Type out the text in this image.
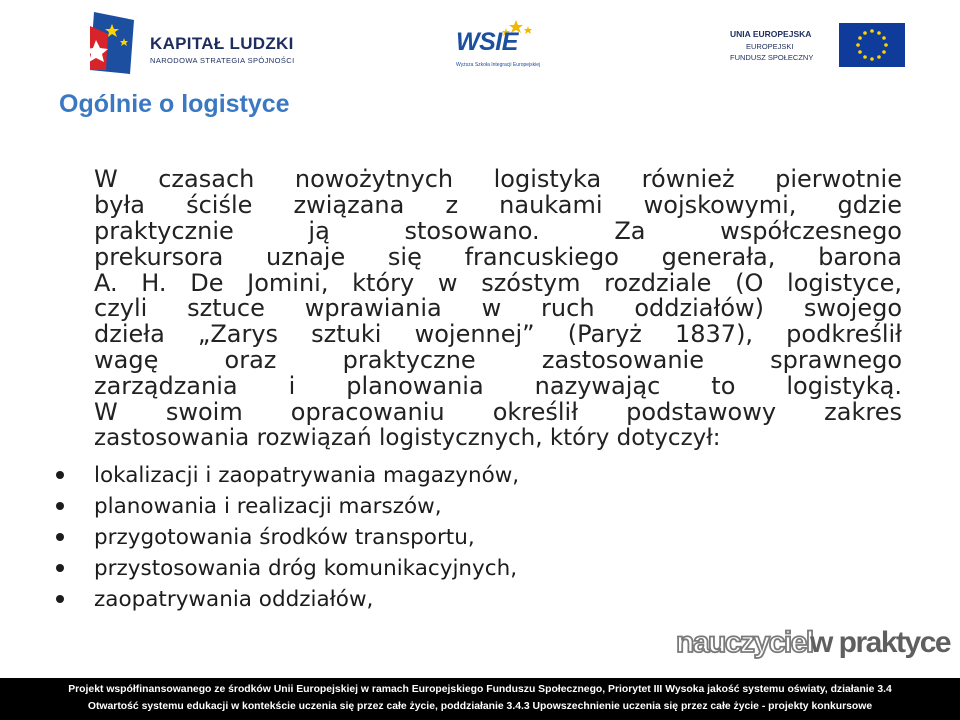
KAPITAŁ LUDZKI
NARODOWA STRATEGIA SPÓJNOŚCI
WSIE
Wyższa Szkoła Integracji Europejskiej
UNIA EUROPEJSKA
EUROPEJSKI
FUNDUSZ SPOŁECZNY
Ogólnie o logistyce
W czasach nowożytnych logistyka również pierwotnie
była ściśle związana z naukami wojskowymi, gdzie
praktycznie ją stosowano. Za współczesnego
prekursora uznaje się francuskiego generała, barona
A. H. De Jomini, który w szóstym rozdziale (O logistyce,
czyli sztuce wprawiania w ruch oddziałów) swojego
dzieła „Zarys sztuki wojennej” (Paryż 1837), podkreślił
wagę oraz praktyczne zastosowanie sprawnego
zarządzania i planowania nazywając to logistyką.
W swoim opracowaniu określił podstawowy zakres
zastosowania rozwiązań logistycznych, który dotyczył:
lokalizacji i zaopatrywania magazynów,
planowania i realizacji marszów,
przygotowania środków transportu,
przystosowania dróg komunikacyjnych,
zaopatrywania oddziałów,
nauczyciel
w praktyce
Projekt współfinansowanego ze środków Unii Europejskiej w ramach Europejskiego Funduszu Społecznego, Priorytet III Wysoka jakość systemu oświaty, działanie 3.4
Otwartość systemu edukacji w kontekście uczenia się przez całe życie, poddziałanie 3.4.3 Upowszechnienie uczenia się przez całe życie - projekty konkursowe
